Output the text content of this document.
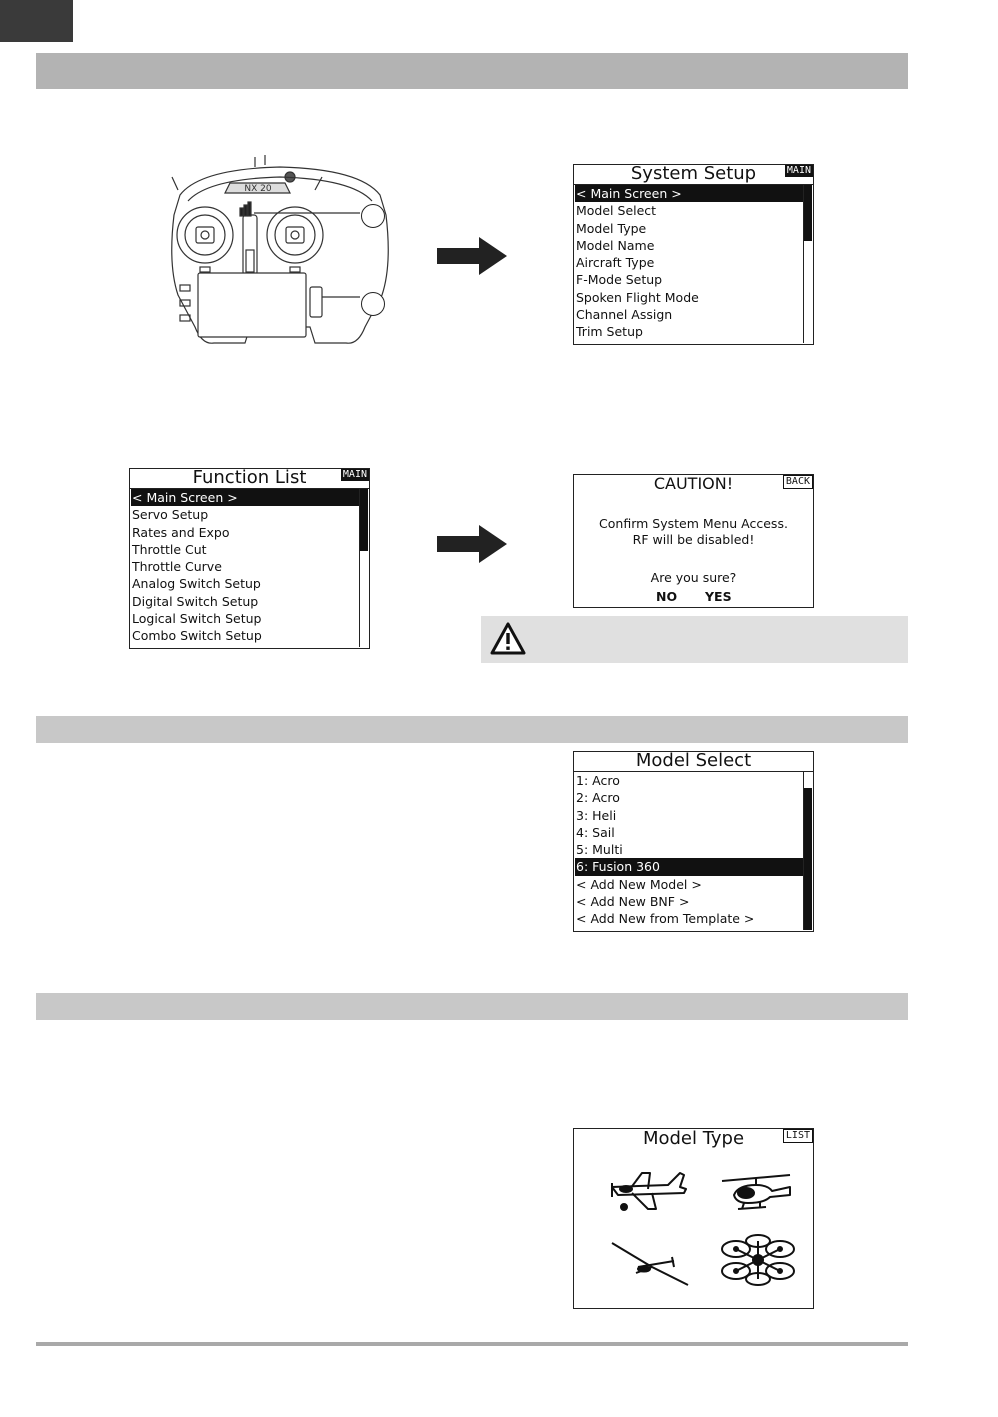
NX 20
System Setup	MAIN
< Main Screen >
Model Select
Model Type
Model Name
Aircraft Type
F-Mode Setup
Spoken Flight Mode
Channel Assign
Trim Setup
Function List	MAIN
< Main Screen >
Servo Setup
Rates and Expo
Throttle Cut
Throttle Curve
Analog Switch Setup
Digital Switch Setup
Logical Switch Setup
Combo Switch Setup
CAUTION!	BACK
Confirm System Menu Access.
RF will be disabled!
Are you sure?
NO YES
Model Select
1: Acro
2: Acro
3: Heli
4: Sail
5: Multi
6: Fusion 360
< Add New Model >
< Add New BNF >
< Add New from Template >
Model Type	LIST
